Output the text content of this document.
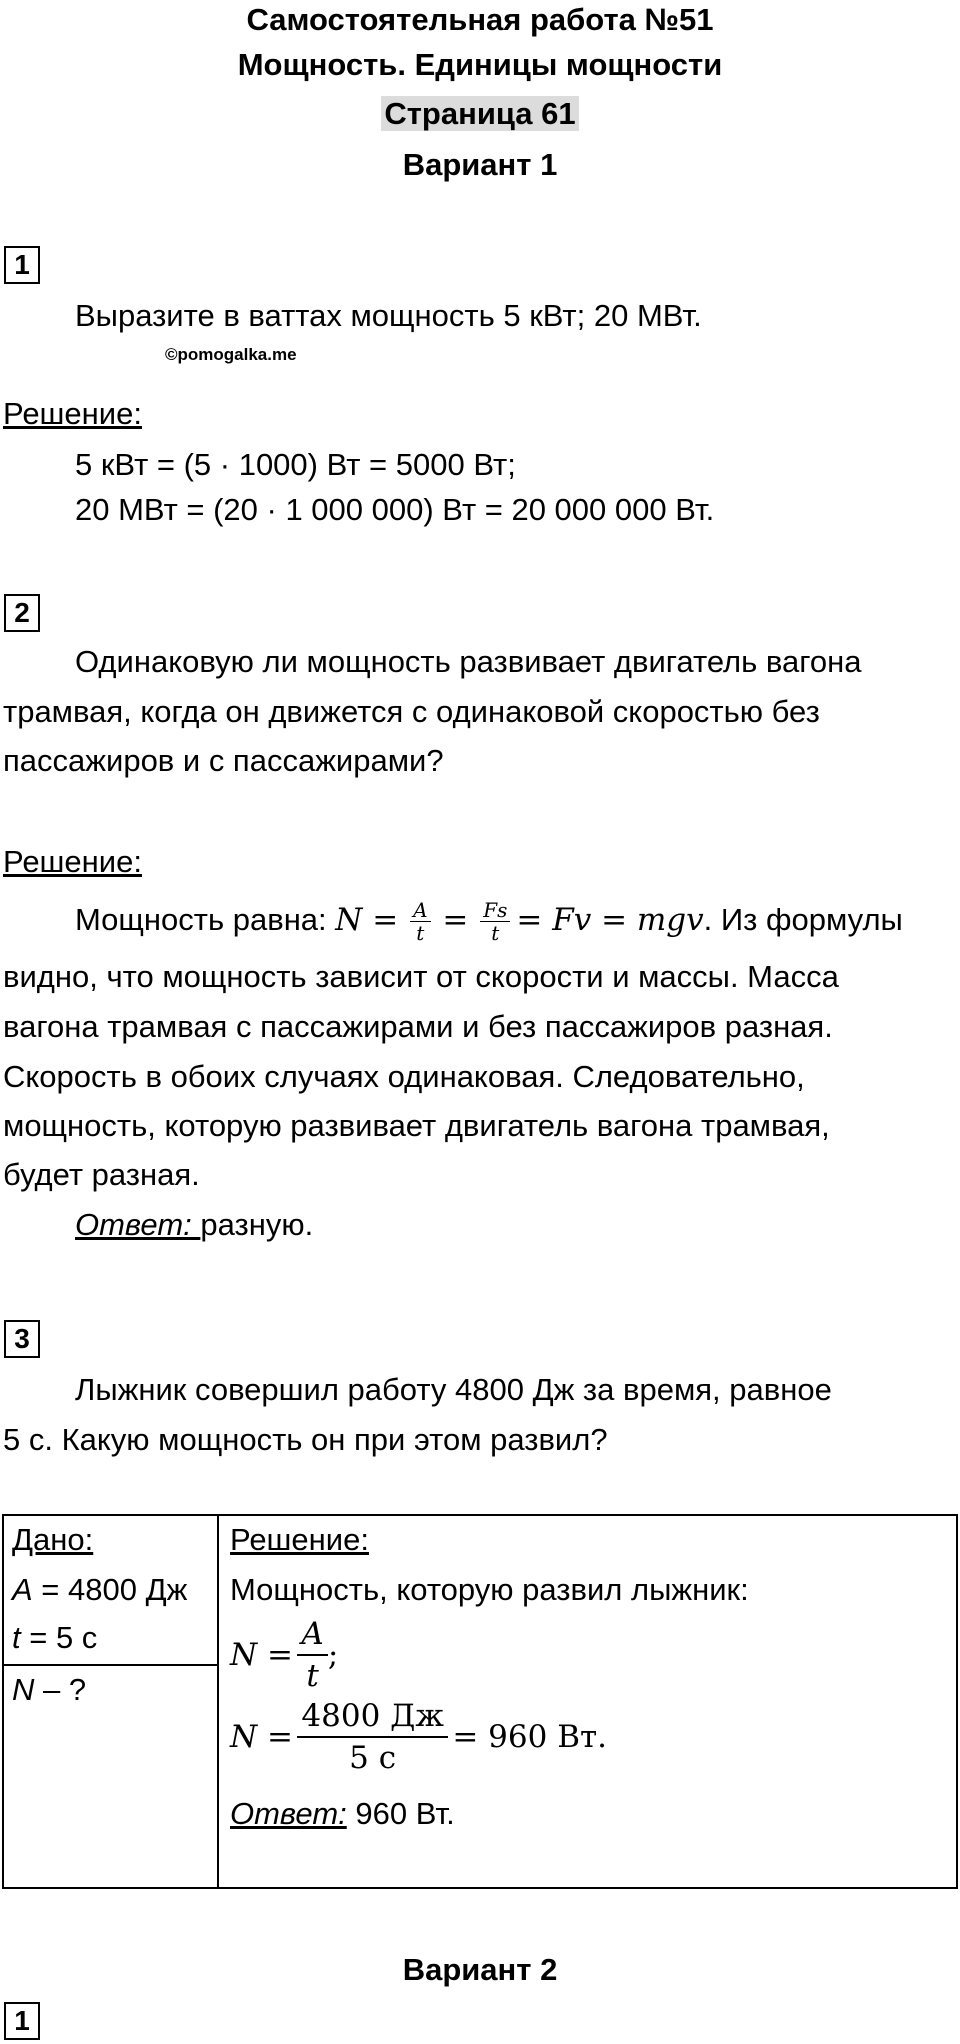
Самостоятельная работа №51
Мощность. Единицы мощности
Страница 61
Вариант 1
1
Выразите в ваттах мощность 5 кВт; 20 МВт.
©pomogalka.me
Решение:
5 кВт = (5 · 1000) Вт = 5000 Вт;
20 МВт = (20 · 1 000 000) Вт = 20 000 000 Вт.
2
Одинаковую ли мощность развивает двигатель вагона
трамвая, когда он движется с одинаковой скоростью без
пассажиров и с пассажирами?
Решение:
Мощность равна: $N = \frac{A}{t} = \frac{Fs}{t} = Fv$ = mgv. Из формулы
видно, что мощность зависит от скорости и массы. Масса
вагона трамвая с пассажирами и без пассажиров разная.
Скорость в обоих случаях одинаковая. Следовательно,
мощность, которую развивает двигатель вагона трамвая,
будет разная.
Ответ: разную.
3
Лыжник совершил работу 4800 Дж за время, равное
5 с. Какую мощность он при этом развил?
Дано:
A = 4800 Дж
t = 5 с
N – ?
Решение:
Мощность, которую развил лыжник:
$N = \frac{A}{t}$ ;
$N = \frac{4800 Дж}{5 с} = 960$ Вт.
Ответ: 960 Вт.
Вариант 2
1
